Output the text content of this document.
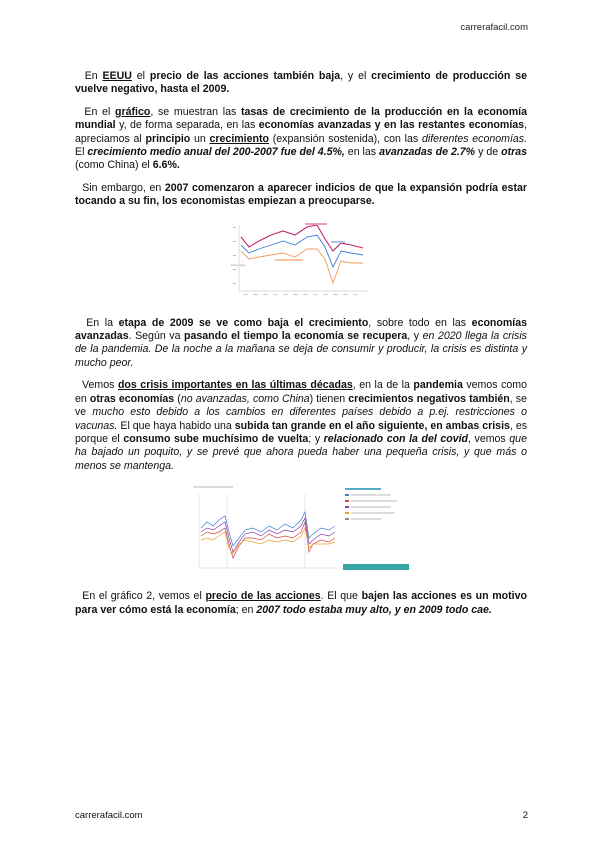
carrerafacil.com

En EEUU el precio de las acciones también baja, y el crecimiento de producción se vuelve negativo, hasta el 2009.

En el gráfico, se muestran las tasas de crecimiento de la producción en la economía mundial y, de forma separada, en las economías avanzadas y en las restantes economías, apreciamos al principio un crecimiento (expansión sostenida), con las diferentes economías. El crecimiento medio anual del 200-2007 fue del 4.5%, en las avanzadas de 2.7% y de otras (como China) el 6.6%.

Sin embargo, en 2007 comenzaron a aparecer indicios de que la expansión podría estar tocando a su fin, los economistas empiezan a preocuparse.

Porcentaje

En la etapa de 2009 se ve como baja el crecimiento, sobre todo en las economías avanzadas. Según va pasando el tiempo la economía se recupera, y en 2020 llega la crisis de la pandemia. De la noche a la mañana se deja de consumir y producir, la crisis es distinta y mucho peor.

Vemos dos crisis importantes en las últimas décadas, en la de la pandemia vemos como en otras economías (no avanzadas, como China) tienen crecimientos negativos también, se ve mucho esto debido a los cambios en diferentes países debido a p.ej. restricciones o vacunas. El que haya habido una subida tan grande en el año siguiente, en ambas crisis, es porque el consumo sube muchísimo de vuelta; y relacionado con la del covid, vemos que ha bajado un poquito, y se prevé que ahora pueda haber una pequeña crisis, y que más o menos se mantenga.

En el gráfico 2, vemos el precio de las acciones. El que bajen las acciones es un motivo para ver cómo está la economía; en 2007 todo estaba muy alto, y en 2009 todo cae.

carrerafacil.com	2
